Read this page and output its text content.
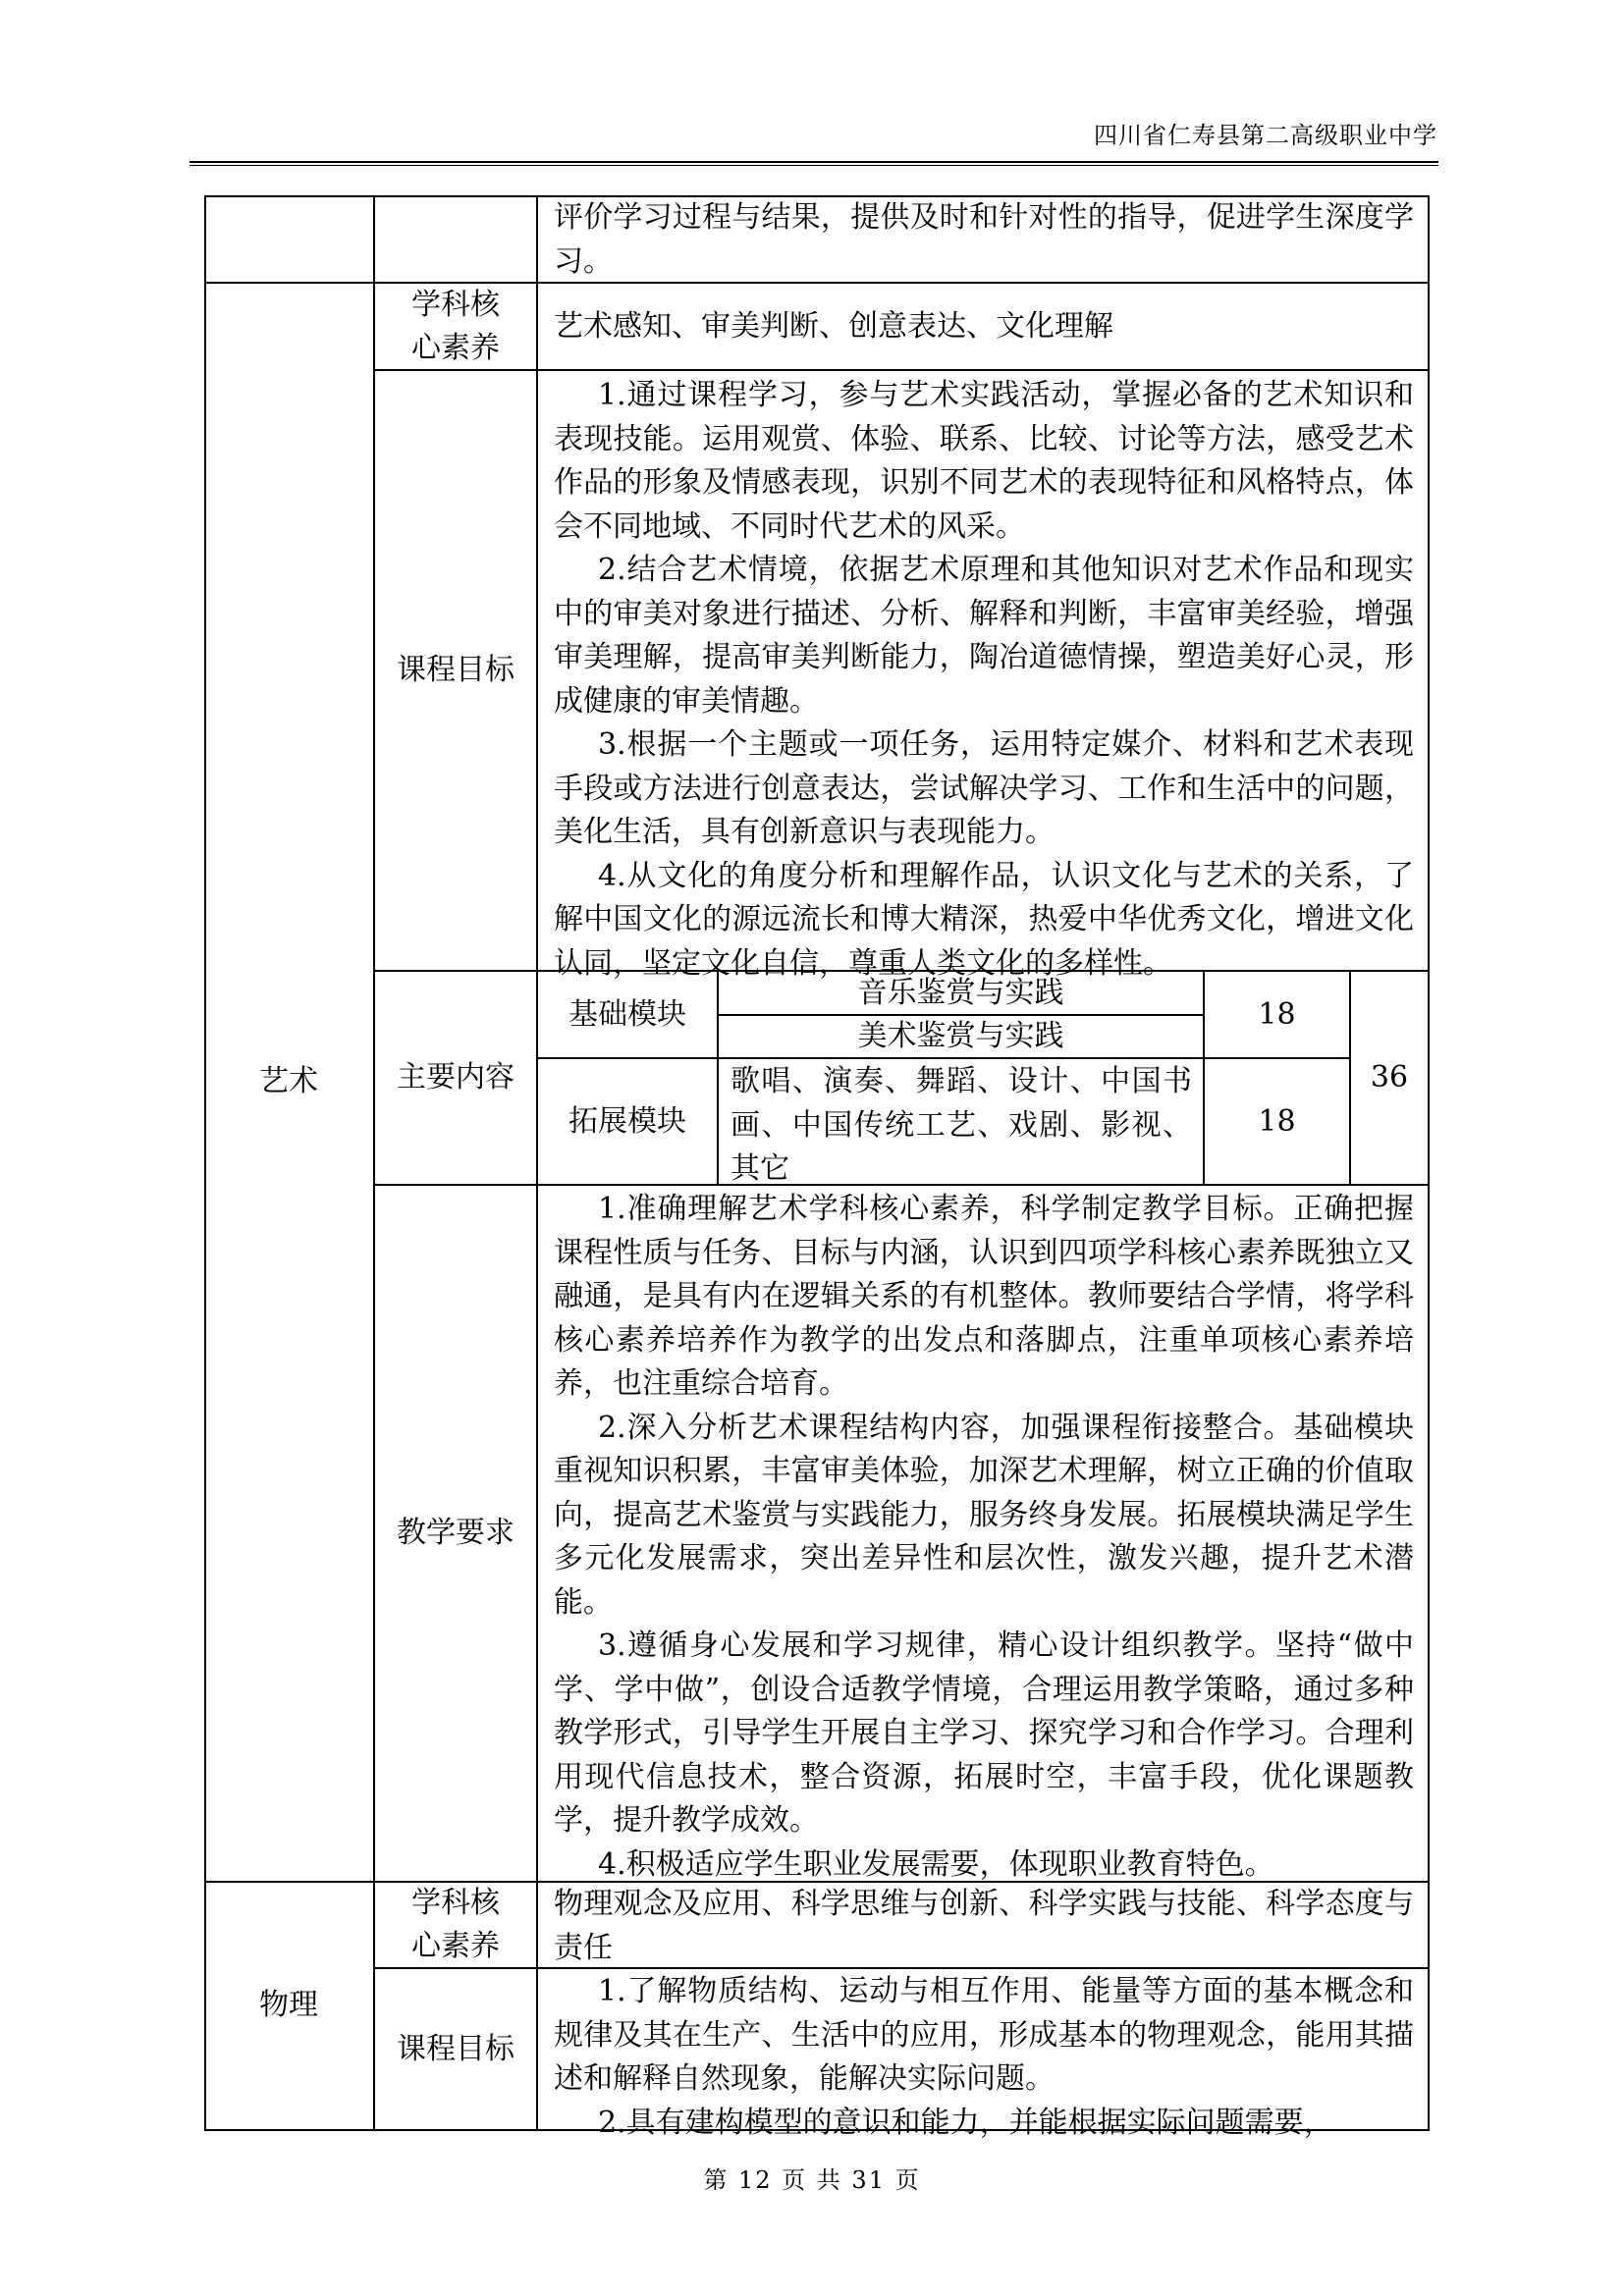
四川省仁寿县第二高级职业中学

评价学习过程与结果，提供及时和针对性的指导，促进学生深度学习。

艺术
学科核心素养
艺术感知、审美判断、创意表达、文化理解
课程目标

1.通过课程学习，参与艺术实践活动，掌握必备的艺术知识和表现技能。运用观赏、体验、联系、比较、讨论等方法，感受艺术作品的形象及情感表现，识别不同艺术的表现特征和风格特点，体会不同地域、不同时代艺术的风采。

2.结合艺术情境，依据艺术原理和其他知识对艺术作品和现实中的审美对象进行描述、分析、解释和判断，丰富审美经验，增强审美理解，提高审美判断能力，陶冶道德情操，塑造美好心灵，形成健康的审美情趣。

3.根据一个主题或一项任务，运用特定媒介、材料和艺术表现手段或方法进行创意表达，尝试解决学习、工作和生活中的问题，美化生活，具有创新意识与表现能力。

4.从文化的角度分析和理解作品，认识文化与艺术的关系，了解中国文化的源远流长和博大精深，热爱中华优秀文化，增进文化认同，坚定文化自信，尊重人类文化的多样性。

主要内容
基础模块
音乐鉴赏与实践
美术鉴赏与实践
18
拓展模块

歌唱、演奏、舞蹈、设计、中国书画、中国传统工艺、戏剧、影视、其它

18
36
教学要求

1.准确理解艺术学科核心素养，科学制定教学目标。正确把握课程性质与任务、目标与内涵，认识到四项学科核心素养既独立又融通，是具有内在逻辑关系的有机整体。教师要结合学情，将学科核心素养培养作为教学的出发点和落脚点，注重单项核心素养培养，也注重综合培育。

2.深入分析艺术课程结构内容，加强课程衔接整合。基础模块重视知识积累，丰富审美体验，加深艺术理解，树立正确的价值取向，提高艺术鉴赏与实践能力，服务终身发展。拓展模块满足学生多元化发展需求，突出差异性和层次性，激发兴趣，提升艺术潜能。

3.遵循身心发展和学习规律，精心设计组织教学。坚持“做中学、学中做”，创设合适教学情境，合理运用教学策略，通过多种教学形式，引导学生开展自主学习、探究学习和合作学习。合理利用现代信息技术，整合资源，拓展时空，丰富手段，优化课题教学，提升教学成效。

4.积极适应学生职业发展需要，体现职业教育特色。

物理
学科核心素养

物理观念及应用、科学思维与创新、科学实践与技能、科学态度与责任

课程目标

1.了解物质结构、运动与相互作用、能量等方面的基本概念和规律及其在生产、生活中的应用，形成基本的物理观念，能用其描述和解释自然现象，能解决实际问题。

2.具有建构模型的意识和能力，并能根据实际问题需要，

第 12 页 共 31 页
